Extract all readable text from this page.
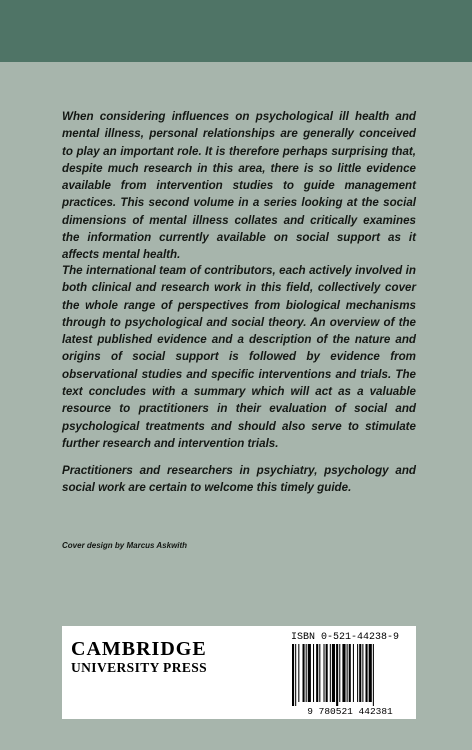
When considering influences on psychological ill health and mental illness, personal relationships are generally conceived to play an important role. It is therefore perhaps surprising that, despite much research in this area, there is so little evidence available from intervention studies to guide management practices. This second volume in a series looking at the social dimensions of mental illness collates and critically examines the information currently available on social support as it affects mental health.

The international team of contributors, each actively involved in both clinical and research work in this field, collectively cover the whole range of perspectives from biological mechanisms through to psychological and social theory. An overview of the latest published evidence and a description of the nature and origins of social support is followed by evidence from observational studies and specific interventions and trials. The text concludes with a summary which will act as a valuable resource to practitioners in their evaluation of social and psychological treatments and should also serve to stimulate further research and intervention trials.

Practitioners and researchers in psychiatry, psychology and social work are certain to welcome this timely guide.

Cover design by Marcus Askwith
CAMBRIDGE
UNIVERSITY PRESS
ISBN 0-521-44238-9
9 780521 442381
